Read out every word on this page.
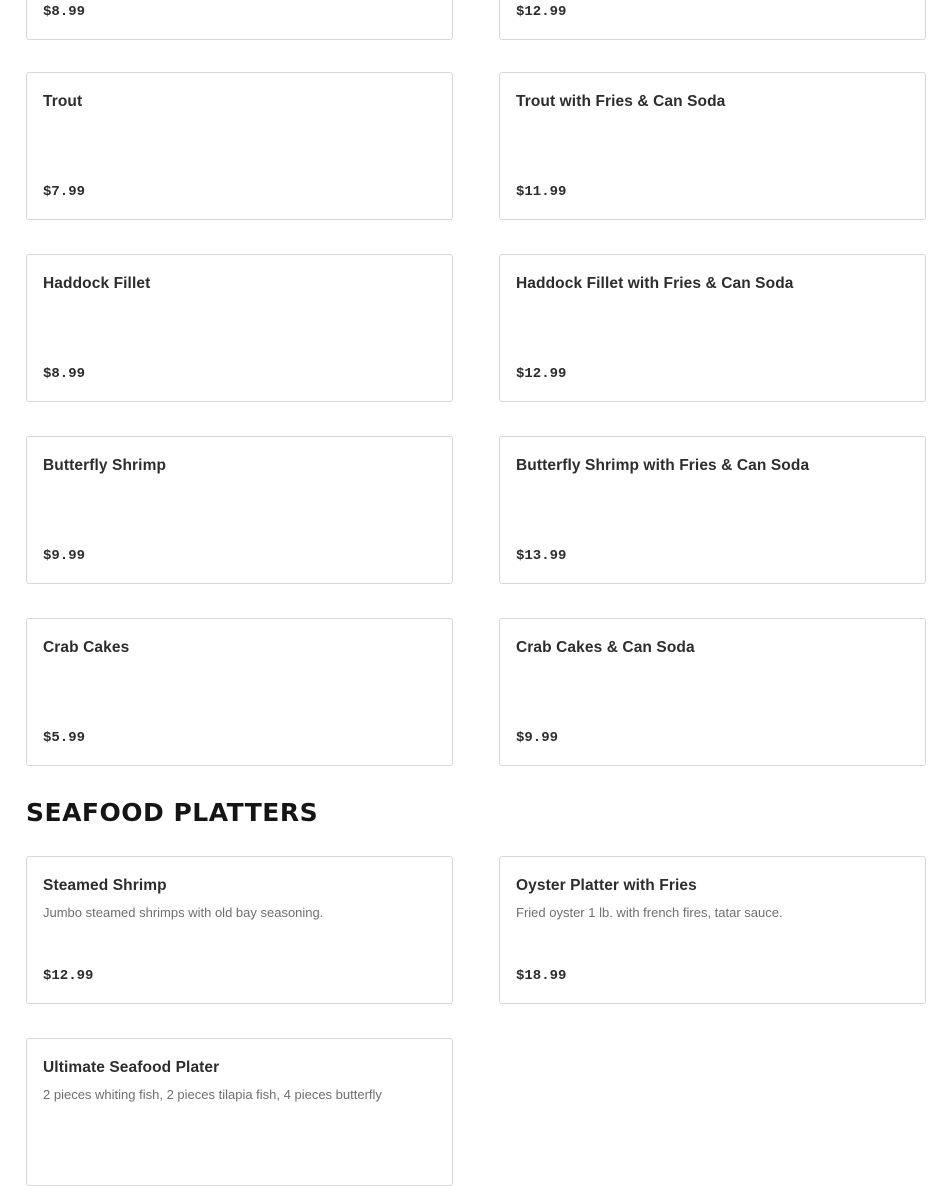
$8.99	$12.99
Trout
$7.99
Trout with Fries & Can Soda
$11.99
Haddock Fillet
$8.99
Haddock Fillet with Fries & Can Soda
$12.99
Butterfly Shrimp
$9.99
Butterfly Shrimp with Fries & Can Soda
$13.99
Crab Cakes
$5.99
Crab Cakes & Can Soda
$9.99
SEAFOOD PLATTERS
Steamed Shrimp
Jumbo steamed shrimps with old bay seasoning.
$12.99
Oyster Platter with Fries
Fried oyster 1 lb. with french fires, tatar sauce.
$18.99
Ultimate Seafood Plater
2 pieces whiting fish, 2 pieces tilapia fish, 4 pieces butterfly
